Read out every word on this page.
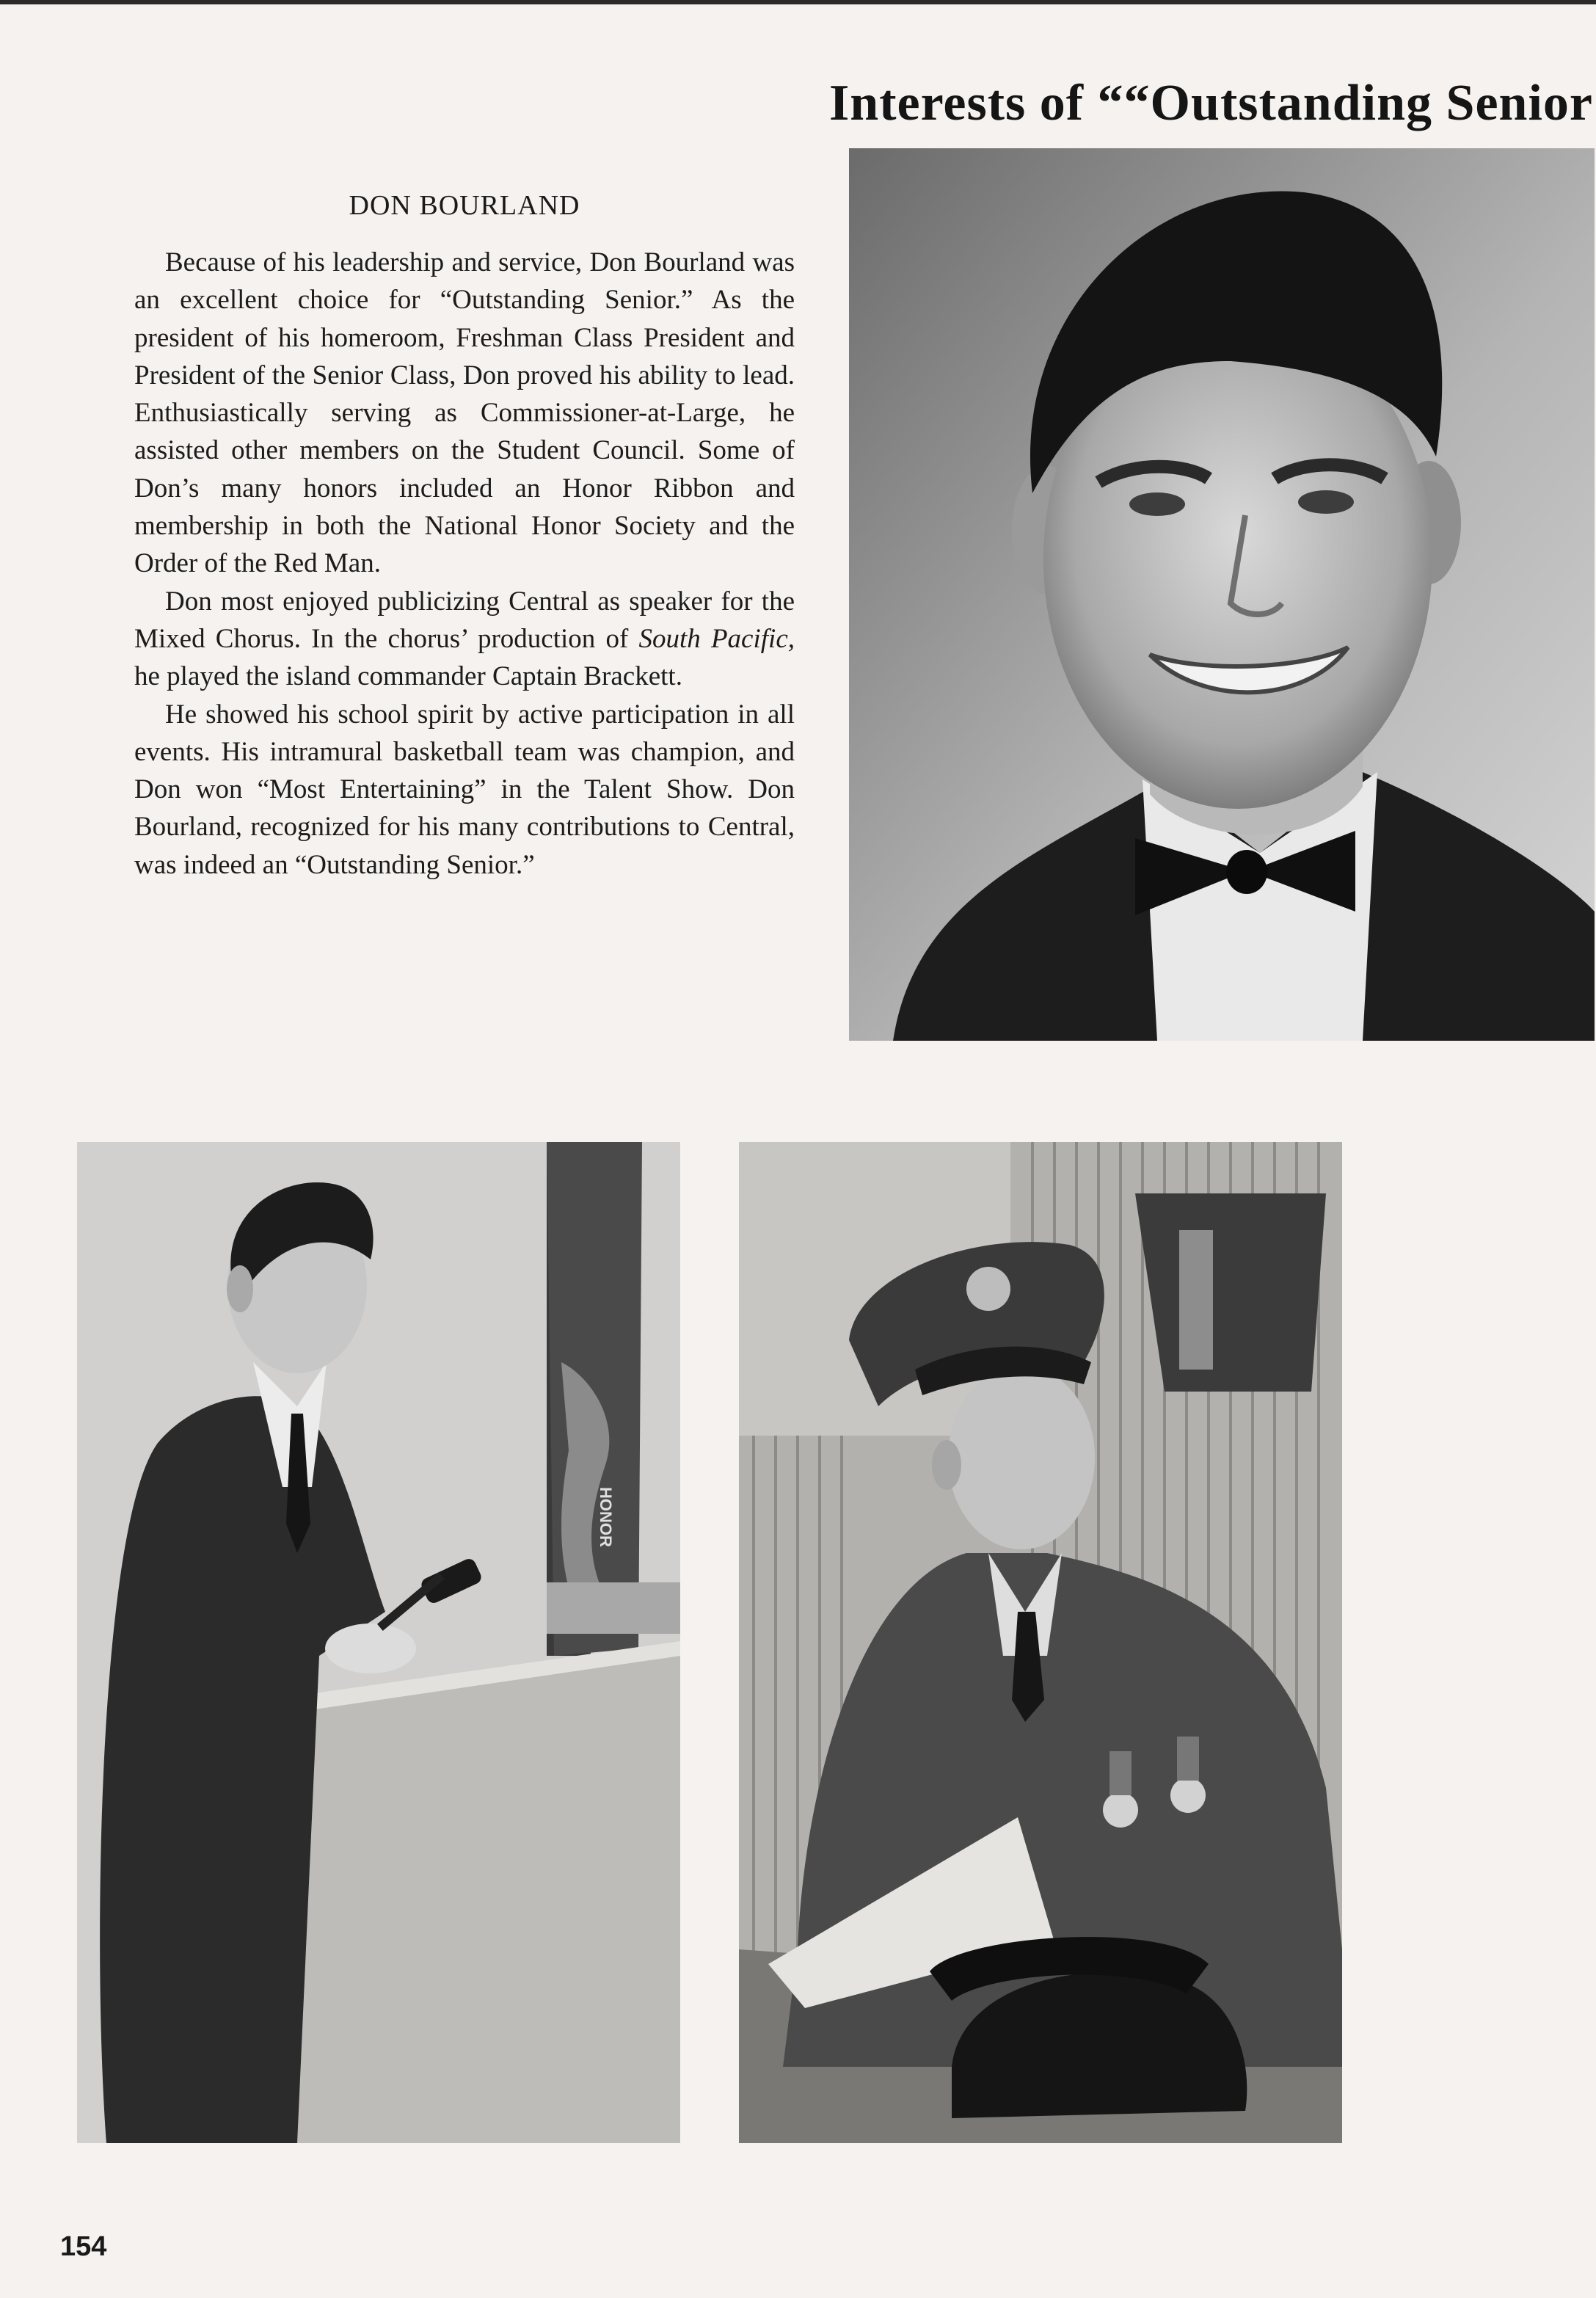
Interests of ““Outstanding Senior
DON BOURLAND

Because of his leadership and service, Don Bourland was an excellent choice for “Outstanding Senior.” As the president of his homeroom, Freshman Class President and President of the Senior Class, Don proved his ability to lead. Enthusiastically serving as Commissioner-at-Large, he assisted other members on the Student Council. Some of Don’s many honors included an Honor Ribbon and membership in both the National Honor Society and the Order of the Red Man.

Don most enjoyed publicizing Central as speaker for the Mixed Chorus. In the chorus’ production of South Pacific, he played the island commander Captain Brackett.

He showed his school spirit by active participation in all events. His intramural basketball team was champion, and Don won “Most Entertaining” in the Talent Show. Don Bourland, recognized for his many contributions to Central, was indeed an “Outstanding Senior.”

HONOR
154
